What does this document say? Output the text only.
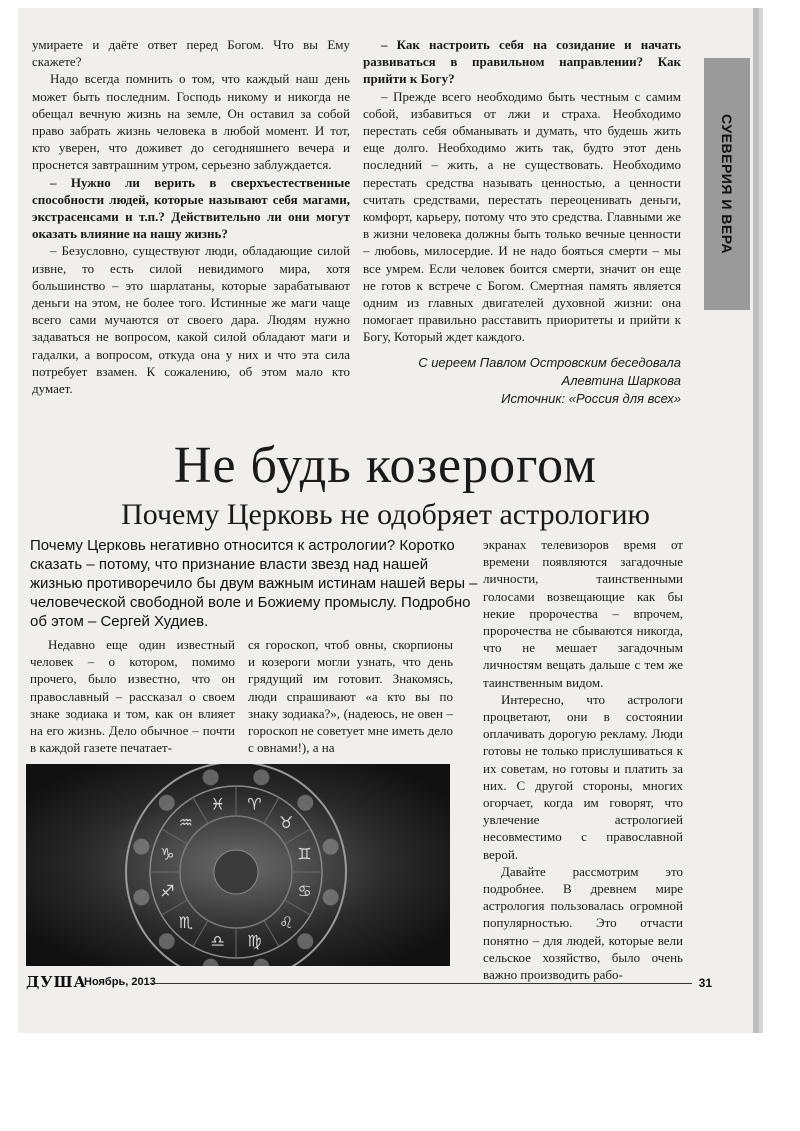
умираете и даёте ответ перед Богом. Что вы Ему скажете?

Надо всегда помнить о том, что каждый наш день может быть последним. Господь никому и никогда не обещал вечную жизнь на земле, Он оставил за собой право забрать жизнь человека в любой момент. И тот, кто уверен, что доживет до сегодняшнего вечера и проснется завтрашним утром, серьезно заблуждается.

– Нужно ли верить в сверхъестественные способности людей, которые называют себя магами, экстрасенсами и т.п.? Действительно ли они могут оказать влияние на нашу жизнь?

– Безусловно, существуют люди, обладающие силой извне, то есть силой невидимого мира, хотя большинство – это шарлатаны, которые зарабатывают деньги на этом, не более того. Истинные же маги чаще всего сами мучаются от своего дара. Людям нужно задаваться не вопросом, какой силой обладают маги и гадалки, а вопросом, откуда она у них и что эта сила потребует взамен. К сожалению, об этом мало кто думает.

– Как настроить себя на созидание и начать развиваться в правильном направлении? Как прийти к Богу?

– Прежде всего необходимо быть честным с самим собой, избавиться от лжи и страха. Необходимо перестать себя обманывать и думать, что будешь жить еще долго. Необходимо жить так, будто этот день последний – жить, а не существовать. Необходимо перестать средства называть ценностью, а ценности считать средствами, перестать переоценивать деньги, комфорт, карьеру, потому что это средства. Главными же в жизни человека должны быть только вечные ценности – любовь, милосердие. И не надо бояться смерти – мы все умрем. Если человек боится смерти, значит он еще не готов к встрече с Богом. Смертная память является одним из главных двигателей духовной жизни: она помогает правильно расставить приоритеты и прийти к Богу, Который ждет каждого.

С иереем Павлом Островским беседовала

Алевтина Шаркова

Источник: «Россия для всех»

СУЕВЕРИЯ И ВЕРА
Не будь козерогом
Почему Церковь не одобряет астрологию
Почему Церковь негативно относится к астрологии? Коротко сказать – потому, что признание власти звезд над нашей жизнью противоречило бы двум важным истинам нашей веры – человеческой свободной воле и Божиему промыслу. Подробно об этом – Сергей Худиев.

Недавно еще один известный человек – о котором, помимо прочего, было известно, что он православный – рассказал о своем знаке зодиака и том, как он влияет на его жизнь. Дело обычное – почти в каждой газете печатает-

ся гороскоп, чтоб овны, скорпионы и козероги могли узнать, что день грядущий им готовит. Знакомясь, люди спрашивают «а кто вы по знаку зодиака?», (надеюсь, не овен – гороскоп не советует мне иметь дело с овнами!), а на

экранах телевизоров время от времени появляются загадочные личности, таинственными голосами возвещающие как бы некие пророчества – впрочем, пророчества не сбываются никогда, что не мешает загадочным личностям вещать дальше с тем же таинственным видом.

Интересно, что астрологи процветают, они в состоянии оплачивать дорогую рекламу. Люди готовы не только прислушиваться к их советам, но готовы и платить за них. С другой стороны, многих огорчает, когда им говорят, что увлечение астрологией несовместимо с православной верой.

Давайте рассмотрим это подробнее. В древнем мире астрология пользовалась огромной популярностью. Это отчасти понятно – для людей, которые вели сельское хозяйство, было очень важно производить рабо-

♈
♉
♊
♋
♌
♍
♎
♏
♐
♑
♒
♓
ДУША
Ноябрь, 2013	31
